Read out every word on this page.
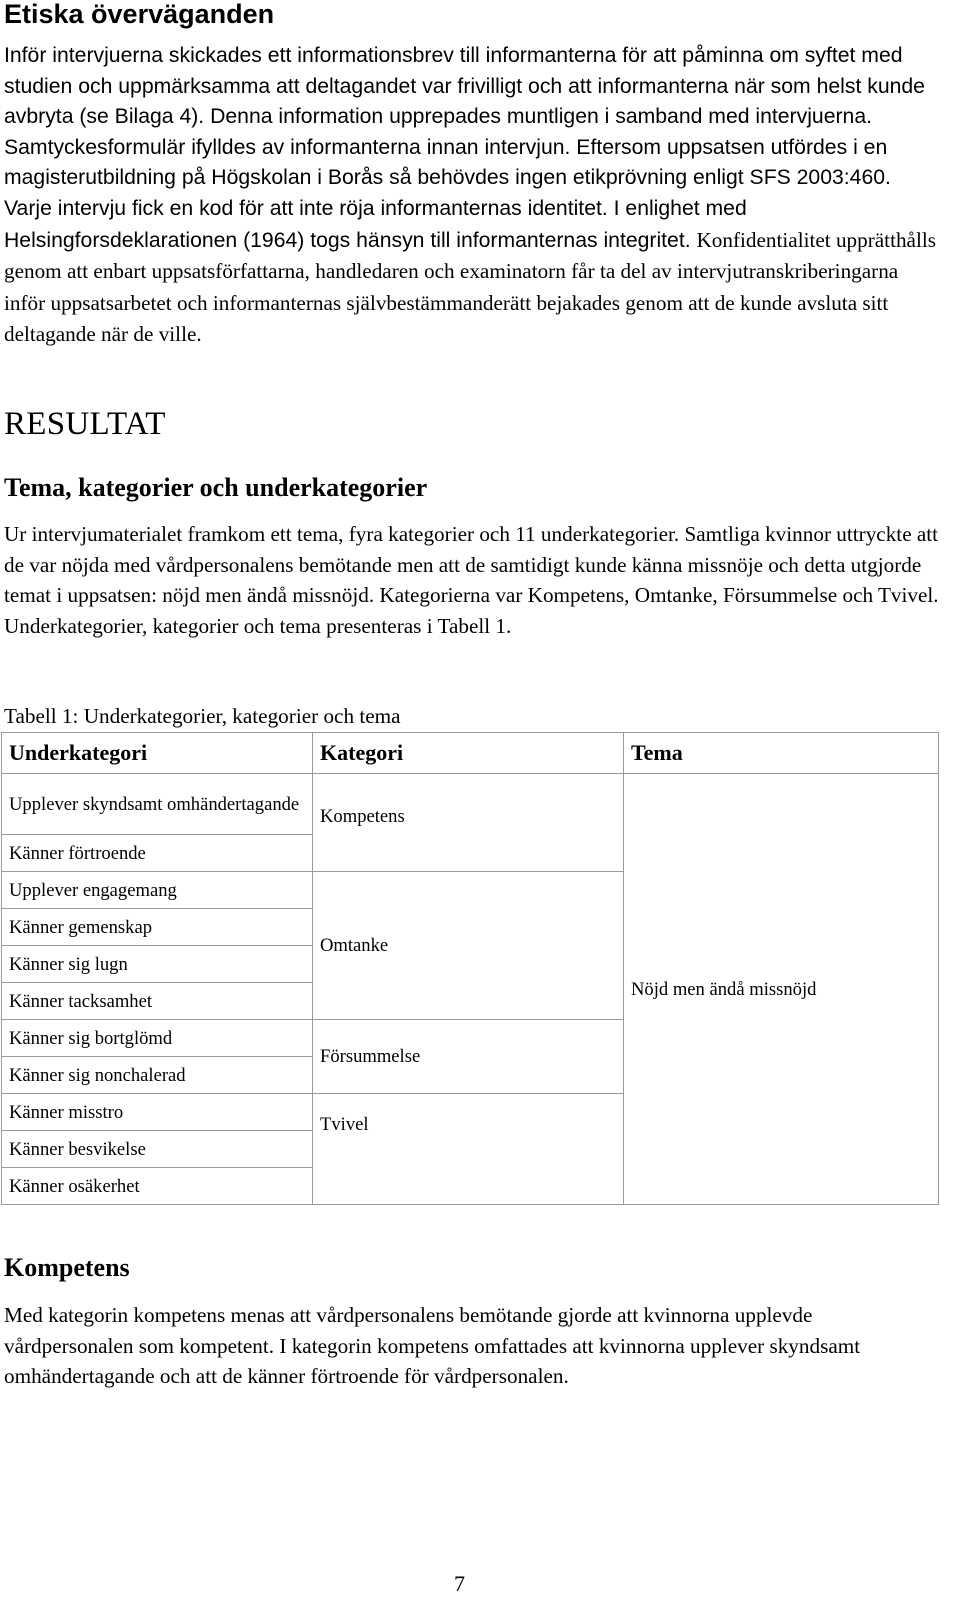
Etiska överväganden

Inför intervjuerna skickades ett informationsbrev till informanterna för att påminna om syftet med studien och uppmärksamma att deltagandet var frivilligt och att informanterna när som helst kunde avbryta (se Bilaga 4). Denna information upprepades muntligen i samband med intervjuerna. Samtyckesformulär ifylldes av informanterna innan intervjun. Eftersom uppsatsen utfördes i en magisterutbildning på Högskolan i Borås så behövdes ingen etikprövning enligt SFS 2003:460. Varje intervju fick en kod för att inte röja informanternas identitet. I enlighet med Helsingforsdeklarationen (1964) togs hänsyn till informanternas integritet. Konfidentialitet upprätthålls genom att enbart uppsatsförfattarna, handledaren och examinatorn får ta del av intervjutranskriberingarna inför uppsatsarbetet och informanternas självbestämmanderätt bejakades genom att de kunde avsluta sitt deltagande när de ville.

RESULTAT
Tema, kategorier och underkategorier

Ur intervjumaterialet framkom ett tema, fyra kategorier och 11 underkategorier. Samtliga kvinnor uttryckte att de var nöjda med vårdpersonalens bemötande men att de samtidigt kunde känna missnöje och detta utgjorde temat i uppsatsen: nöjd men ändå missnöjd. Kategorierna var Kompetens, Omtanke, Försummelse och Tvivel. Underkategorier, kategorier och tema presenteras i Tabell 1.

Tabell 1: Underkategorier, kategorier och tema
Underkategori	Kategori	Tema
Upplever skyndsamt omhändertagande	Kompetens	Nöjd men ändå missnöjd
Känner förtroende		
Upplever engagemang	Omtanke	
Känner gemenskap		
Känner sig lugn		
Känner tacksamhet		
Känner sig bortglömd	Försummelse	
Känner sig nonchalerad		
Känner misstro	Tvivel	
Känner besvikelse		
Känner osäkerhet		
Kompetens

Med kategorin kompetens menas att vårdpersonalens bemötande gjorde att kvinnorna upplevde vårdpersonalen som kompetent. I kategorin kompetens omfattades att kvinnorna upplever skyndsamt omhändertagande och att de känner förtroende för vårdpersonalen.

7
